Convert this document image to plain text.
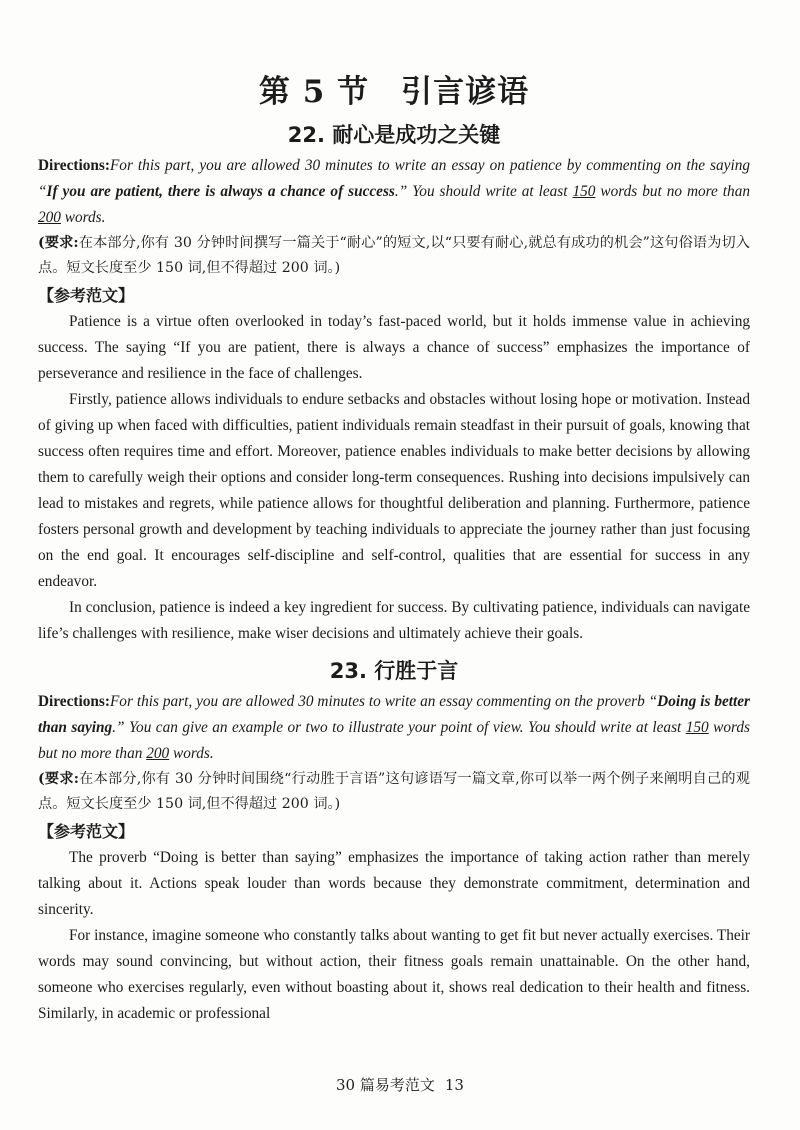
第 5 节　引言谚语
22. 耐心是成功之关键

Directions:For this part, you are allowed 30 minutes to write an essay on patience by commenting on the saying “If you are patient, there is always a chance of success.” You should write at least 150 words but no more than 200 words.

(要求:在本部分,你有 30 分钟时间撰写一篇关于“耐心”的短文,以“只要有耐心,就总有成功的机会”这句俗语为切入点。短文长度至少 150 词,但不得超过 200 词。)

【参考范文】

Patience is a virtue often overlooked in today’s fast-paced world, but it holds immense value in achieving success. The saying “If you are patient, there is always a chance of success” emphasizes the importance of perseverance and resilience in the face of challenges.

Firstly, patience allows individuals to endure setbacks and obstacles without losing hope or motivation. Instead of giving up when faced with difficulties, patient individuals remain steadfast in their pursuit of goals, knowing that success often requires time and effort. Moreover, patience enables individuals to make better decisions by allowing them to carefully weigh their options and consider long-term consequences. Rushing into decisions impulsively can lead to mistakes and regrets, while patience allows for thoughtful deliberation and planning. Furthermore, patience fosters personal growth and development by teaching individuals to appreciate the journey rather than just focusing on the end goal. It encourages self-discipline and self-control, qualities that are essential for success in any endeavor.

In conclusion, patience is indeed a key ingredient for success. By cultivating patience, individuals can navigate life’s challenges with resilience, make wiser decisions and ultimately achieve their goals.

23. 行胜于言

Directions:For this part, you are allowed 30 minutes to write an essay commenting on the proverb “Doing is better than saying.” You can give an example or two to illustrate your point of view. You should write at least 150 words but no more than 200 words.

(要求:在本部分,你有 30 分钟时间围绕“行动胜于言语”这句谚语写一篇文章,你可以举一两个例子来阐明自己的观点。短文长度至少 150 词,但不得超过 200 词。)

【参考范文】

The proverb “Doing is better than saying” emphasizes the importance of taking action rather than merely talking about it. Actions speak louder than words because they demonstrate commitment, determination and sincerity.

For instance, imagine someone who constantly talks about wanting to get fit but never actually exercises. Their words may sound convincing, but without action, their fitness goals remain unattainable. On the other hand, someone who exercises regularly, even without boasting about it, shows real dedication to their health and fitness. Similarly, in academic or professional

30 篇易考范文 13
